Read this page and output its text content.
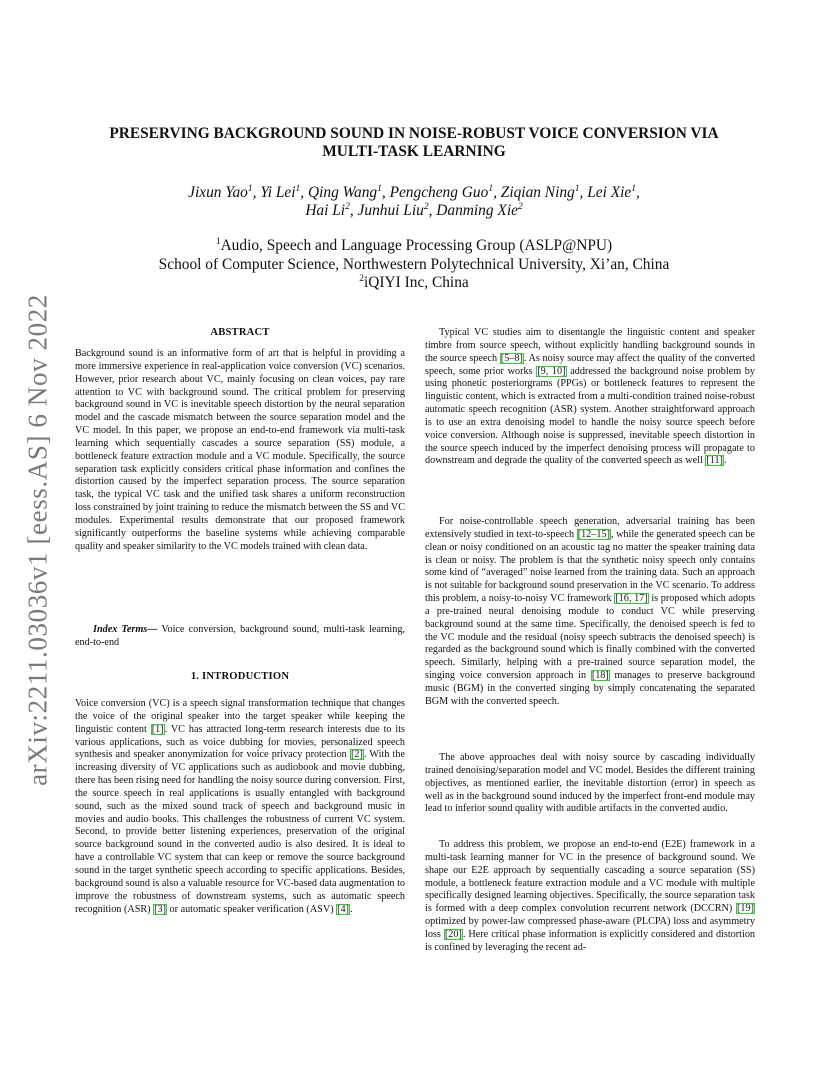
arXiv:2211.03036v1 [eess.AS] 6 Nov 2022
PRESERVING BACKGROUND SOUND IN NOISE-ROBUST VOICE CONVERSION VIA
MULTI-TASK LEARNING
Jixun Yao$^1$, Yi Lei$^1$, Qing Wang$^1$, Pengcheng Guo$^1$, Ziqian Ning$^1$, Lei Xie$^1$,
Hai Li$^2$, Junhui Liu$^2$, Danming Xie$^2$
$^1$Audio, Speech and Language Processing Group (ASLP@NPU)
School of Computer Science, Northwestern Polytechnical University, Xi’an, China
$^2$iQIYI Inc, China
ABSTRACT

Background sound is an informative form of art that is helpful in providing a more immersive experience in real-application voice conversion (VC) scenarios. However, prior research about VC, mainly focusing on clean voices, pay rare attention to VC with background sound. The critical problem for preserving background sound in VC is inevitable speech distortion by the neural separation model and the cascade mismatch between the source separation model and the VC model. In this paper, we propose an end-to-end framework via multi-task learning which sequentially cascades a source separation (SS) module, a bottleneck feature extraction module and a VC module. Specifically, the source separation task explicitly considers critical phase information and confines the distortion caused by the imperfect separation process. The source separation task, the typical VC task and the unified task shares a uniform reconstruction loss constrained by joint training to reduce the mismatch between the SS and VC modules. Experimental results demonstrate that our proposed framework significantly outperforms the baseline systems while achieving comparable quality and speaker similarity to the VC models trained with clean data.

Index Terms— Voice conversion, background sound, multi-task learning, end-to-end

1. INTRODUCTION

Voice conversion (VC) is a speech signal transformation technique that changes the voice of the original speaker into the target speaker while keeping the linguistic content [1]. VC has attracted long-term research interests due to its various applications, such as voice dubbing for movies, personalized speech synthesis and speaker anonymization for voice privacy protection [2]. With the increasing diversity of VC applications such as audiobook and movie dubbing, there has been rising need for handling the noisy source during conversion. First, the source speech in real applications is usually entangled with background sound, such as the mixed sound track of speech and background music in movies and audio books. This challenges the robustness of current VC system. Second, to provide better listening experiences, preservation of the original source background sound in the converted audio is also desired. It is ideal to have a controllable VC system that can keep or remove the source background sound in the target synthetic speech according to specific applications. Besides, background sound is also a valuable resource for VC-based data augmentation to improve the robustness of downstream systems, such as automatic speech recognition (ASR) [3] or automatic speaker verification (ASV) [4].

Typical VC studies aim to disentangle the linguistic content and speaker timbre from source speech, without explicitly handling background sounds in the source speech [5–8]. As noisy source may affect the quality of the converted speech, some prior works [9, 10] addressed the background noise problem by using phonetic posteriorgrams (PPGs) or bottleneck features to represent the linguistic content, which is extracted from a multi-condition trained noise-robust automatic speech recognition (ASR) system. Another straightforward approach is to use an extra denoising model to handle the noisy source speech before voice conversion. Although noise is suppressed, inevitable speech distortion in the source speech induced by the imperfect denoising process will propagate to downstream and degrade the quality of the converted speech as well [11].

For noise-controllable speech generation, adversarial training has been extensively studied in text-to-speech [12–15], while the generated speech can be clean or noisy conditioned on an acoustic tag no matter the speaker training data is clean or noisy. The problem is that the synthetic noisy speech only contains some kind of “averaged” noise learned from the training data. Such an approach is not suitable for background sound preservation in the VC scenario. To address this problem, a noisy-to-noisy VC framework [16, 17] is proposed which adopts a pre-trained neural denoising module to conduct VC while preserving background sound at the same time. Specifically, the denoised speech is fed to the VC module and the residual (noisy speech subtracts the denoised speech) is regarded as the background sound which is finally combined with the converted speech. Similarly, helping with a pre-trained source separation model, the singing voice conversion approach in [18] manages to preserve background music (BGM) in the converted singing by simply concatenating the separated BGM with the converted speech.

The above approaches deal with noisy source by cascading individually trained denoising/separation model and VC model. Besides the different training objectives, as mentioned earlier, the inevitable distortion (error) in speech as well as in the background sound induced by the imperfect front-end module may lead to inferior sound quality with audible artifacts in the converted audio.

To address this problem, we propose an end-to-end (E2E) framework in a multi-task learning manner for VC in the presence of background sound. We shape our E2E approach by sequentially cascading a source separation (SS) module, a bottleneck feature extraction module and a VC module with multiple specifically designed learning objectives. Specifically, the source separation task is formed with a deep complex convolution recurrent network (DCCRN) [19] optimized by power-law compressed phase-aware (PLCPA) loss and asymmetry loss [20]. Here critical phase information is explicitly considered and distortion is confined by leveraging the recent ad-
